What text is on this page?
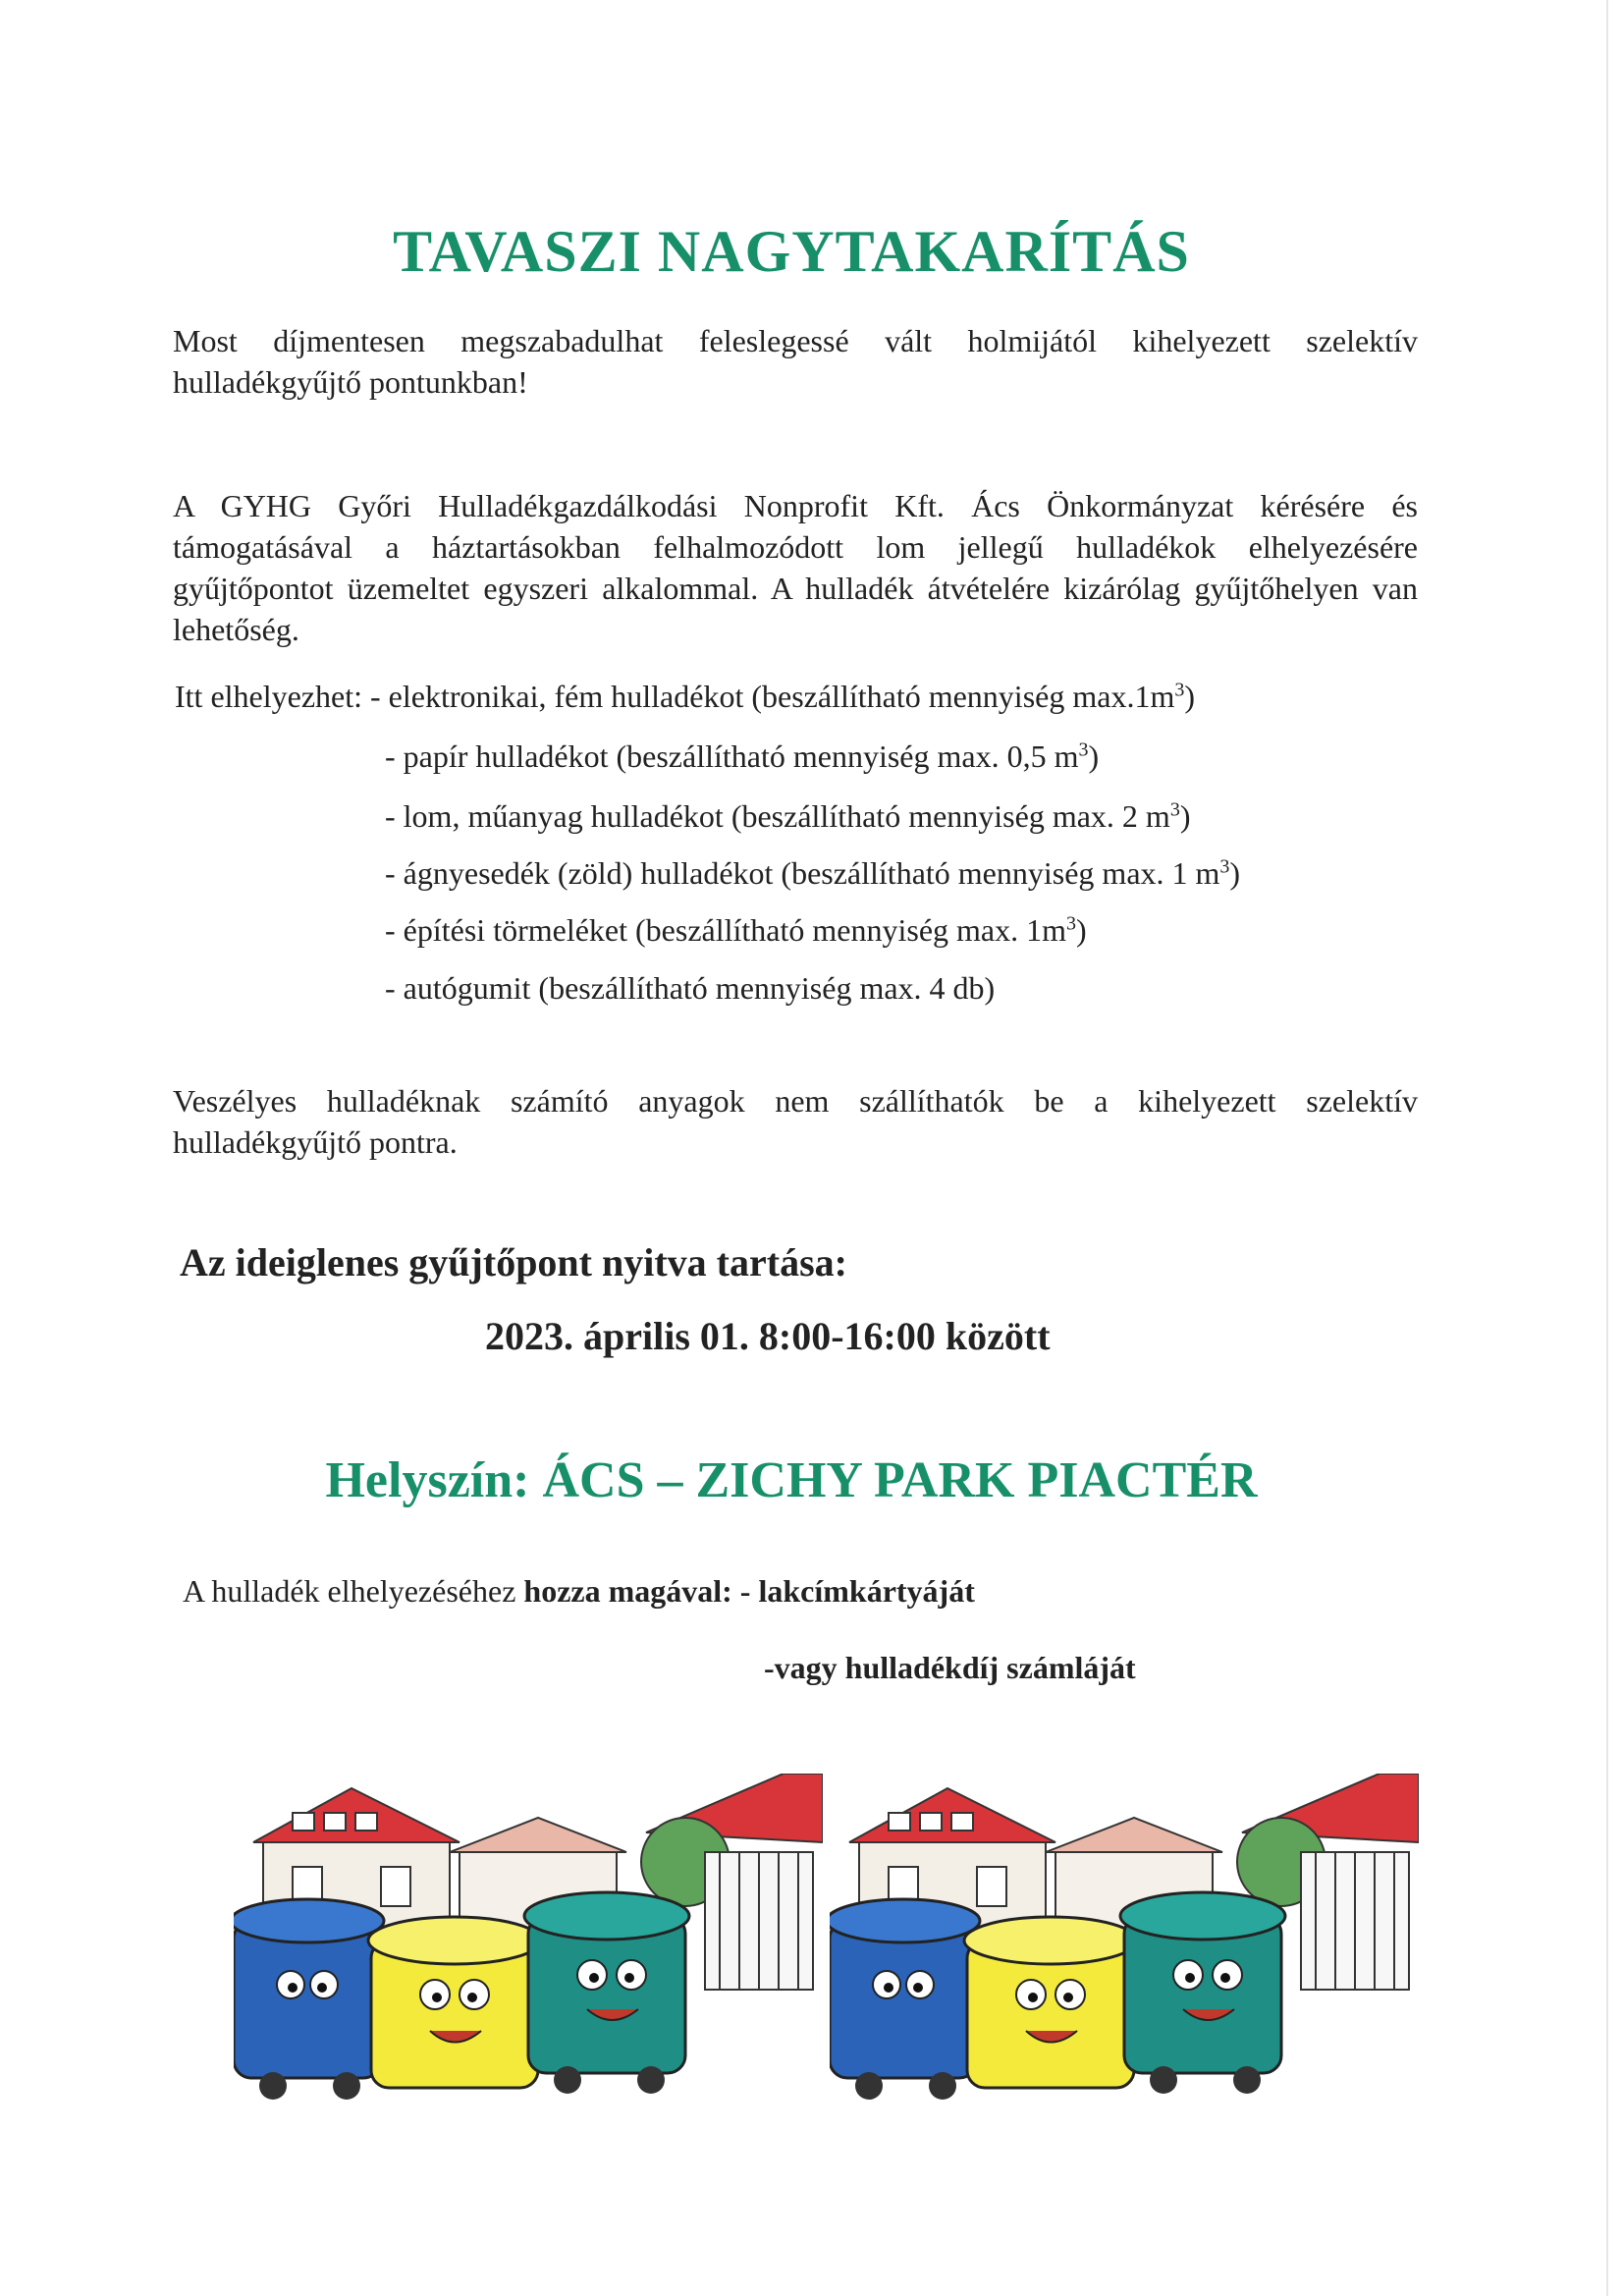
TAVASZI NAGYTAKARÍTÁS
Most díjmentesen megszabadulhat feleslegessé vált holmijától kihelyezett szelektív
hulladékgyűjtő pontunkban!
A GYHG Győri Hulladékgazdálkodási Nonprofit Kft. Ács Önkormányzat kérésére és
támogatásával a háztartásokban felhalmozódott lom jellegű hulladékok elhelyezésére
gyűjtőpontot üzemeltet egyszeri alkalommal. A hulladék átvételére kizárólag gyűjtőhelyen van
lehetőség.
Itt elhelyezhet: - elektronikai, fém hulladékot (beszállítható mennyiség $\max.1m^3$)
- papír hulladékot (beszállítható mennyiség max. 0,5 $m^3$)
- lom, műanyag hulladékot (beszállítható mennyiség max. 2 $m^3$)
- ágnyesedék (zöld) hulladékot (beszállítható mennyiség max. 1 $m^3$)
- építési törmeléket (beszállítható mennyiség max. $1m^3$)
- autógumit (beszállítható mennyiség max. 4 db)
Veszélyes hulladéknak számító anyagok nem szállíthatók be a kihelyezett szelektív
hulladékgyűjtő pontra.
Az ideiglenes gyűjtőpont nyitva tartása:
2023. április 01. 8:00-16:00 között
Helyszín: ÁCS – ZICHY PARK PIACTÉR
A hulladék elhelyezéséhez hozza magával: - lakcímkártyáját
-vagy hulladékdíj számláját
